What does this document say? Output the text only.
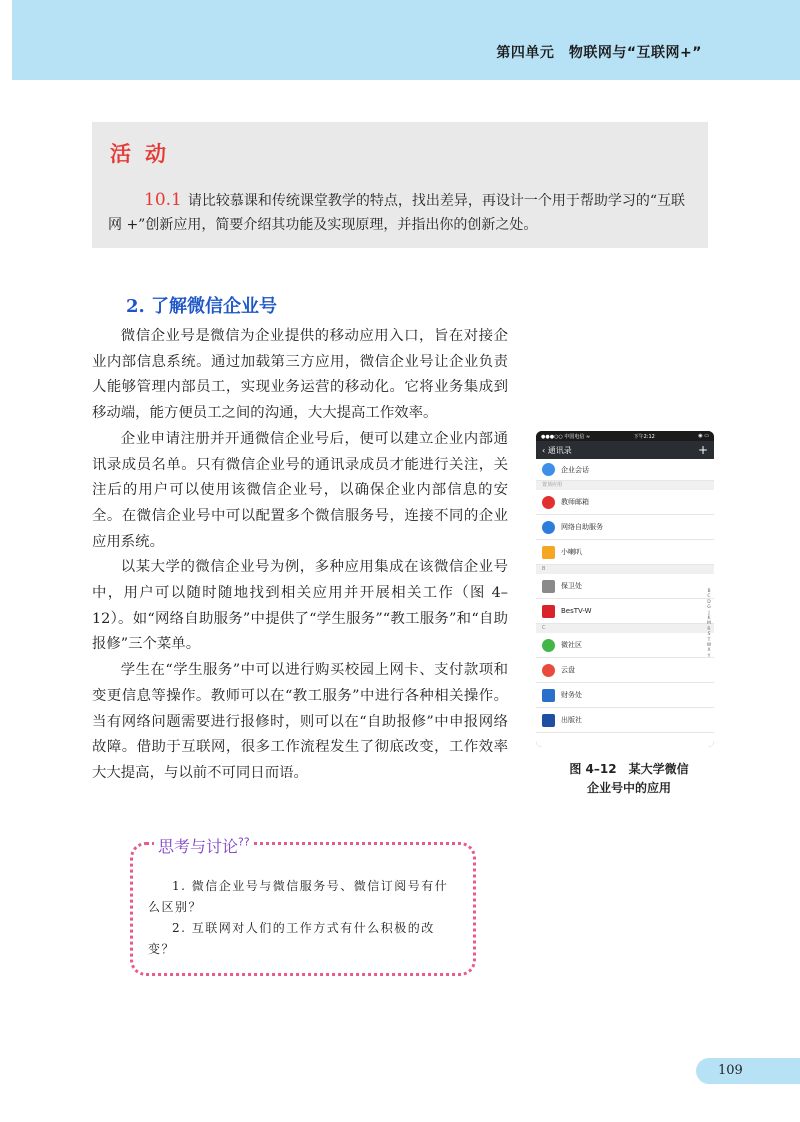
第四单元　物联网与“互联网+”
活动
10.1 请比较慕课和传统课堂教学的特点，找出差异，再设计一个用于帮助学习的“互联网 +”创新应用，简要介绍其功能及实现原理，并指出你的创新之处。
2. 了解微信企业号

微信企业号是微信为企业提供的移动应用入口，旨在对接企业内部信息系统。通过加载第三方应用，微信企业号让企业负责人能够管理内部员工，实现业务运营的移动化。它将业务集成到移动端，能方便员工之间的沟通，大大提高工作效率。

企业申请注册并开通微信企业号后，便可以建立企业内部通讯录成员名单。只有微信企业号的通讯录成员才能进行关注，关注后的用户可以使用该微信企业号，以确保企业内部信息的安全。在微信企业号中可以配置多个微信服务号，连接不同的企业应用系统。

以某大学的微信企业号为例，多种应用集成在该微信企业号中，用户可以随时随地找到相关应用并开展相关工作（图 4–12）。如“网络自助服务”中提供了“学生服务”“教工服务”和“自助报修”三个菜单。

学生在“学生服务”中可以进行购买校园上网卡、支付款项和变更信息等操作。教师可以在“教工服务”中进行各种相关操作。当有网络问题需要进行报修时，则可以在“自助报修”中申报网络故障。借助于互联网，很多工作流程发生了彻底改变，工作效率大大提高，与以前不可同日而语。

●●●○○ 中国电信 ≈	下午2:12	◉ ▭
‹ 通讯录	+
企业会话
置顶应用
教师邮箱
网络自助服务
小喇叭
B
保卫处
BesTV-W
C
微社区
云盘
财务处
出版社
B
C
D
G
J
K
M
R
S
T
W
X
Y
图 4–12　某大学微信
企业号中的应用
思考与讨论??

1. 微信企业号与微信服务号、微信订阅号有什么区别？

2. 互联网对人们的工作方式有什么积极的改变？

109
